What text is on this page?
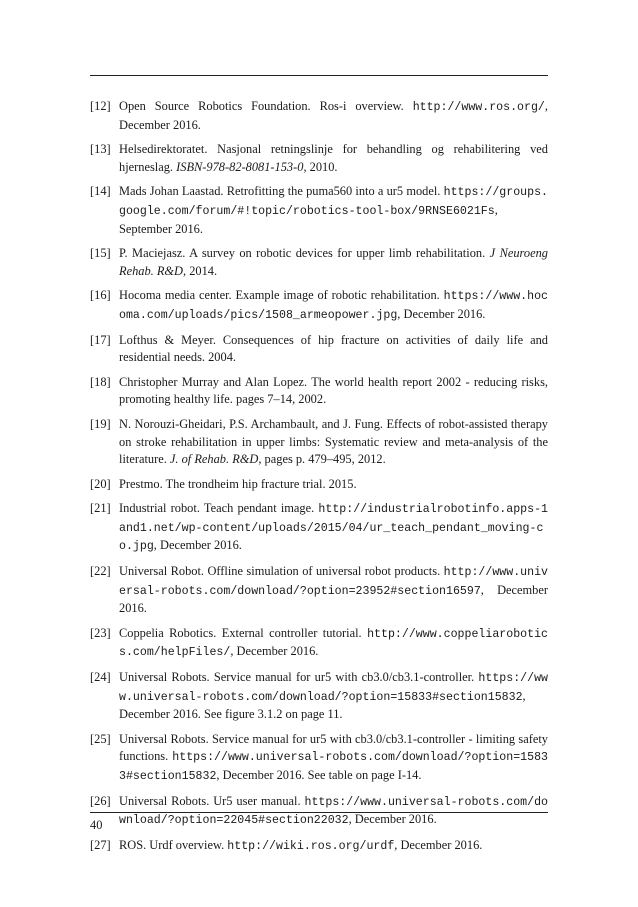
[12] Open Source Robotics Foundation. Ros-i overview. http://www.ros.org/, December 2016.
[13] Helsedirektoratet. Nasjonal retningslinje for behandling og rehabilitering ved hjerneslag. ISBN-978-82-8081-153-0, 2010.
[14] Mads Johan Laastad. Retrofitting the puma560 into a ur5 model. https://groups.google.com/forum/#!topic/robotics-tool-box/9RNSE6021Fs, September 2016.
[15] P. Maciejasz. A survey on robotic devices for upper limb rehabilitation. J Neuroeng Rehab. R&D, 2014.
[16] Hocoma media center. Example image of robotic rehabilitation. https://www.hocoma.com/uploads/pics/1508_armeopower.jpg, December 2016.
[17] Lofthus & Meyer. Consequences of hip fracture on activities of daily life and residential needs. 2004.
[18] Christopher Murray and Alan Lopez. The world health report 2002 - reducing risks, promoting healthy life. pages 7–14, 2002.
[19] N. Norouzi-Gheidari, P.S. Archambault, and J. Fung. Effects of robot-assisted therapy on stroke rehabilitation in upper limbs: Systematic review and meta-analysis of the literature. J. of Rehab. R&D, pages p. 479–495, 2012.
[20] Prestmo. The trondheim hip fracture trial. 2015.
[21] Industrial robot. Teach pendant image. http://industrialrobotinfo.apps-1and1.net/wp-content/uploads/2015/04/ur_teach_pendant_moving-co.jpg, December 2016.
[22] Universal Robot. Offline simulation of universal robot products. http://www.universal-robots.com/download/?option=23952#section16597, December 2016.
[23] Coppelia Robotics. External controller tutorial. http://www.coppeliarobotics.com/helpFiles/, December 2016.
[24] Universal Robots. Service manual for ur5 with cb3.0/cb3.1-controller. https://www.universal-robots.com/download/?option=15833#section15832, December 2016. See figure 3.1.2 on page 11.
[25] Universal Robots. Service manual for ur5 with cb3.0/cb3.1-controller - limiting safety functions. https://www.universal-robots.com/download/?option=15833#section15832, December 2016. See table on page I-14.
[26] Universal Robots. Ur5 user manual. https://www.universal-robots.com/download/?option=22045#section22032, December 2016.
[27] ROS. Urdf overview. http://wiki.ros.org/urdf, December 2016.
40
